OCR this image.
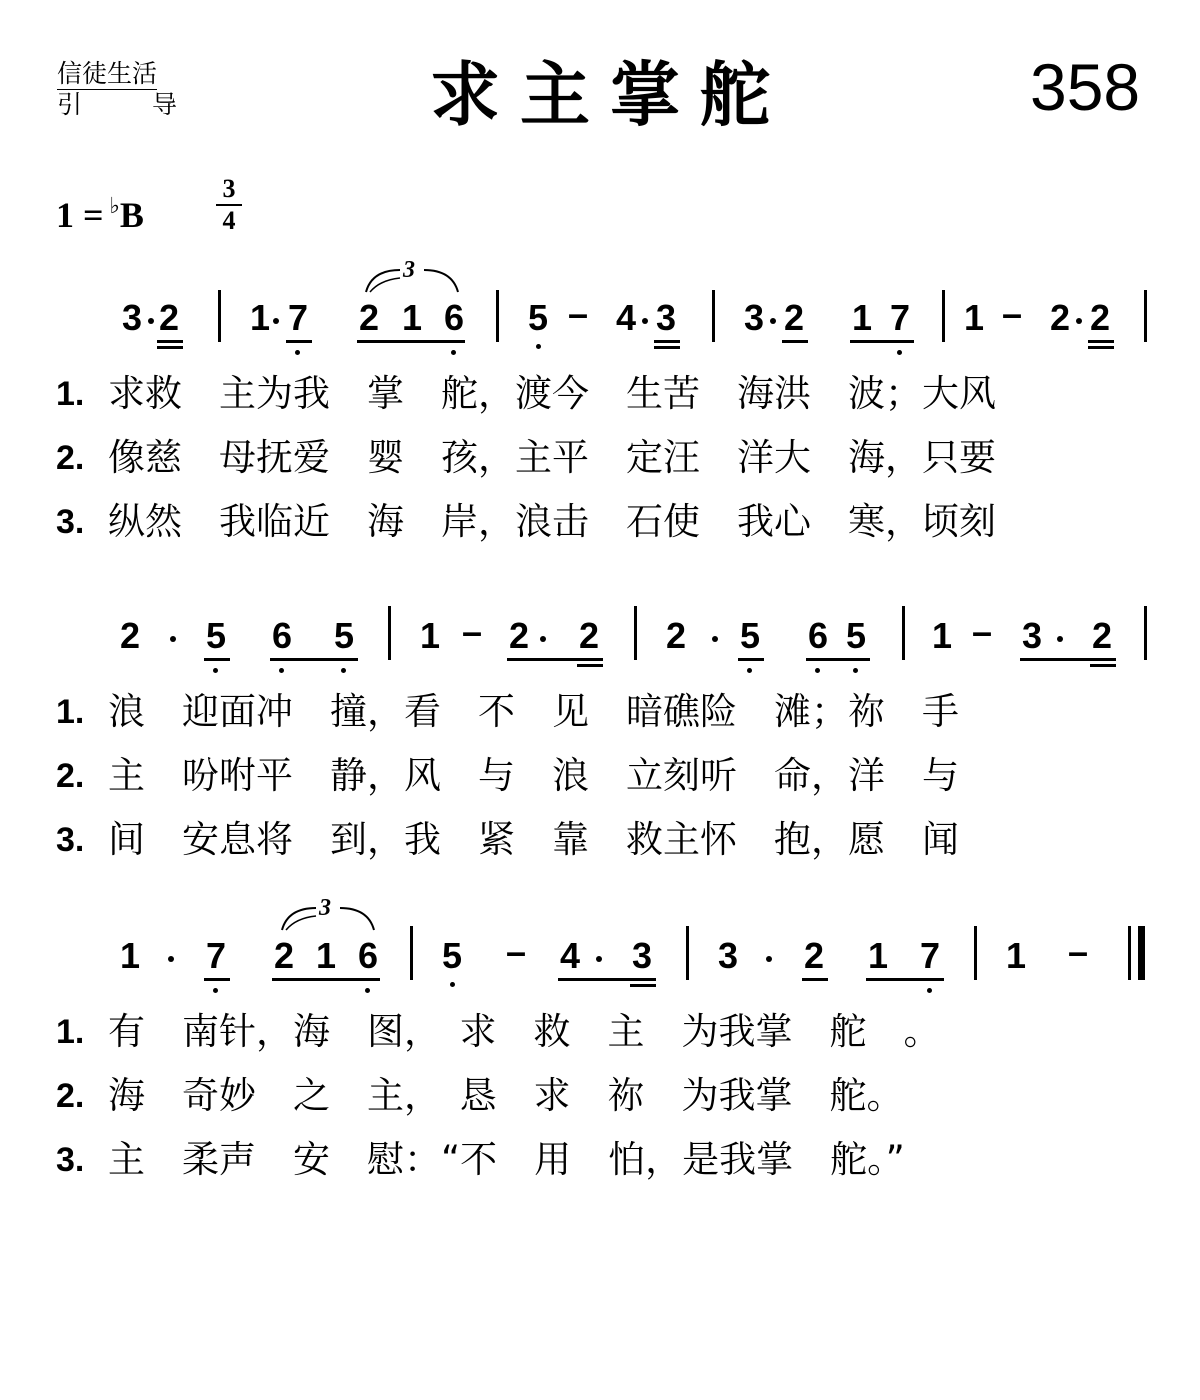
信徒生活
引	导	求主掌舵	358
1 = ♭B
3
4
3 2 1 7
3
2 1 6 5 – 4 3 3 2 1 7 1 – 2 2
1. 求救　主为我　掌　舵，渡今　生苦　海洪　波；大风
2. 像慈　母抚爱　婴　孩，主平　定汪　洋大　海，只要
3. 纵然　我临近　海　岸，浪击　石使　我心　寒，顷刻
2 5 6 5 1 – 2 2 2 5 6 5 1 – 3 2
1. 浪　迎面冲　撞，看　不　见　暗礁险　滩；祢　手
2. 主　吩咐平　静，风　与　浪　立刻听　命，洋　与
3. 间　安息将　到，我　紧　靠　救主怀　抱，愿　闻
1 7
3
2 1 6 5 – 4 3 3 2 1 7 1 –
1. 有　南针，海　图，　求　救　主　为我掌　舵　。
2. 海　奇妙　之　主，　恳　求　祢　为我掌　舵。
3. 主　柔声　安　慰：“不　用　怕，是我掌　舵。”
